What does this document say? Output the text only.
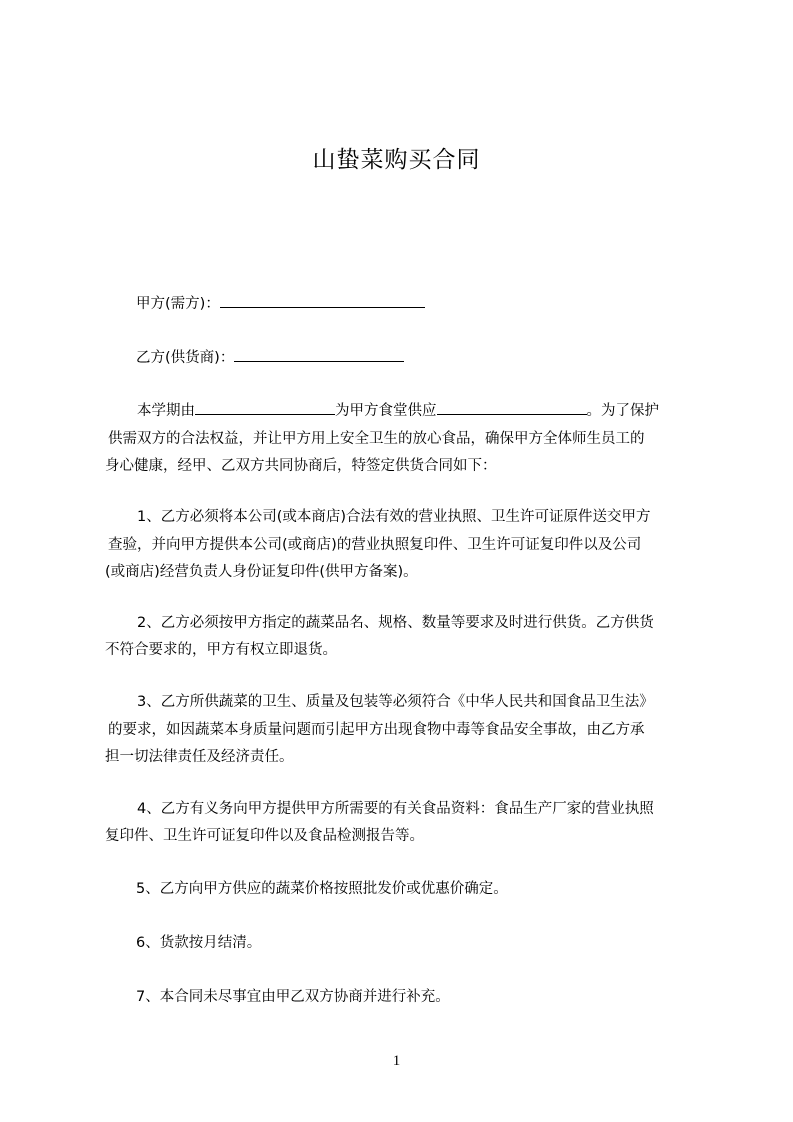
山蛰菜购买合同
甲方(需方)：
乙方(供货商)：
本学期由	为甲方食堂供应	。为了保护
供需双方的合法权益，并让甲方用上安全卫生的放心食品，确保甲方全体师生员工的
身心健康，经甲、乙双方共同协商后，特签定供货合同如下：
1、乙方必须将本公司(或本商店)合法有效的营业执照、卫生许可证原件送交甲方
查验，并向甲方提供本公司(或商店)的营业执照复印件、卫生许可证复印件以及公司
(或商店)经营负责人身份证复印件(供甲方备案)。
2、乙方必须按甲方指定的蔬菜品名、规格、数量等要求及时进行供货。乙方供货
不符合要求的，甲方有权立即退货。
3、乙方所供蔬菜的卫生、质量及包装等必须符合《中华人民共和国食品卫生法》
的要求，如因蔬菜本身质量问题而引起甲方出现食物中毒等食品安全事故，由乙方承
担一切法律责任及经济责任。
4、乙方有义务向甲方提供甲方所需要的有关食品资料：食品生产厂家的营业执照
复印件、卫生许可证复印件以及食品检测报告等。
5、乙方向甲方供应的蔬菜价格按照批发价或优惠价确定。
6、货款按月结清。
7、本合同未尽事宜由甲乙双方协商并进行补充。
1
